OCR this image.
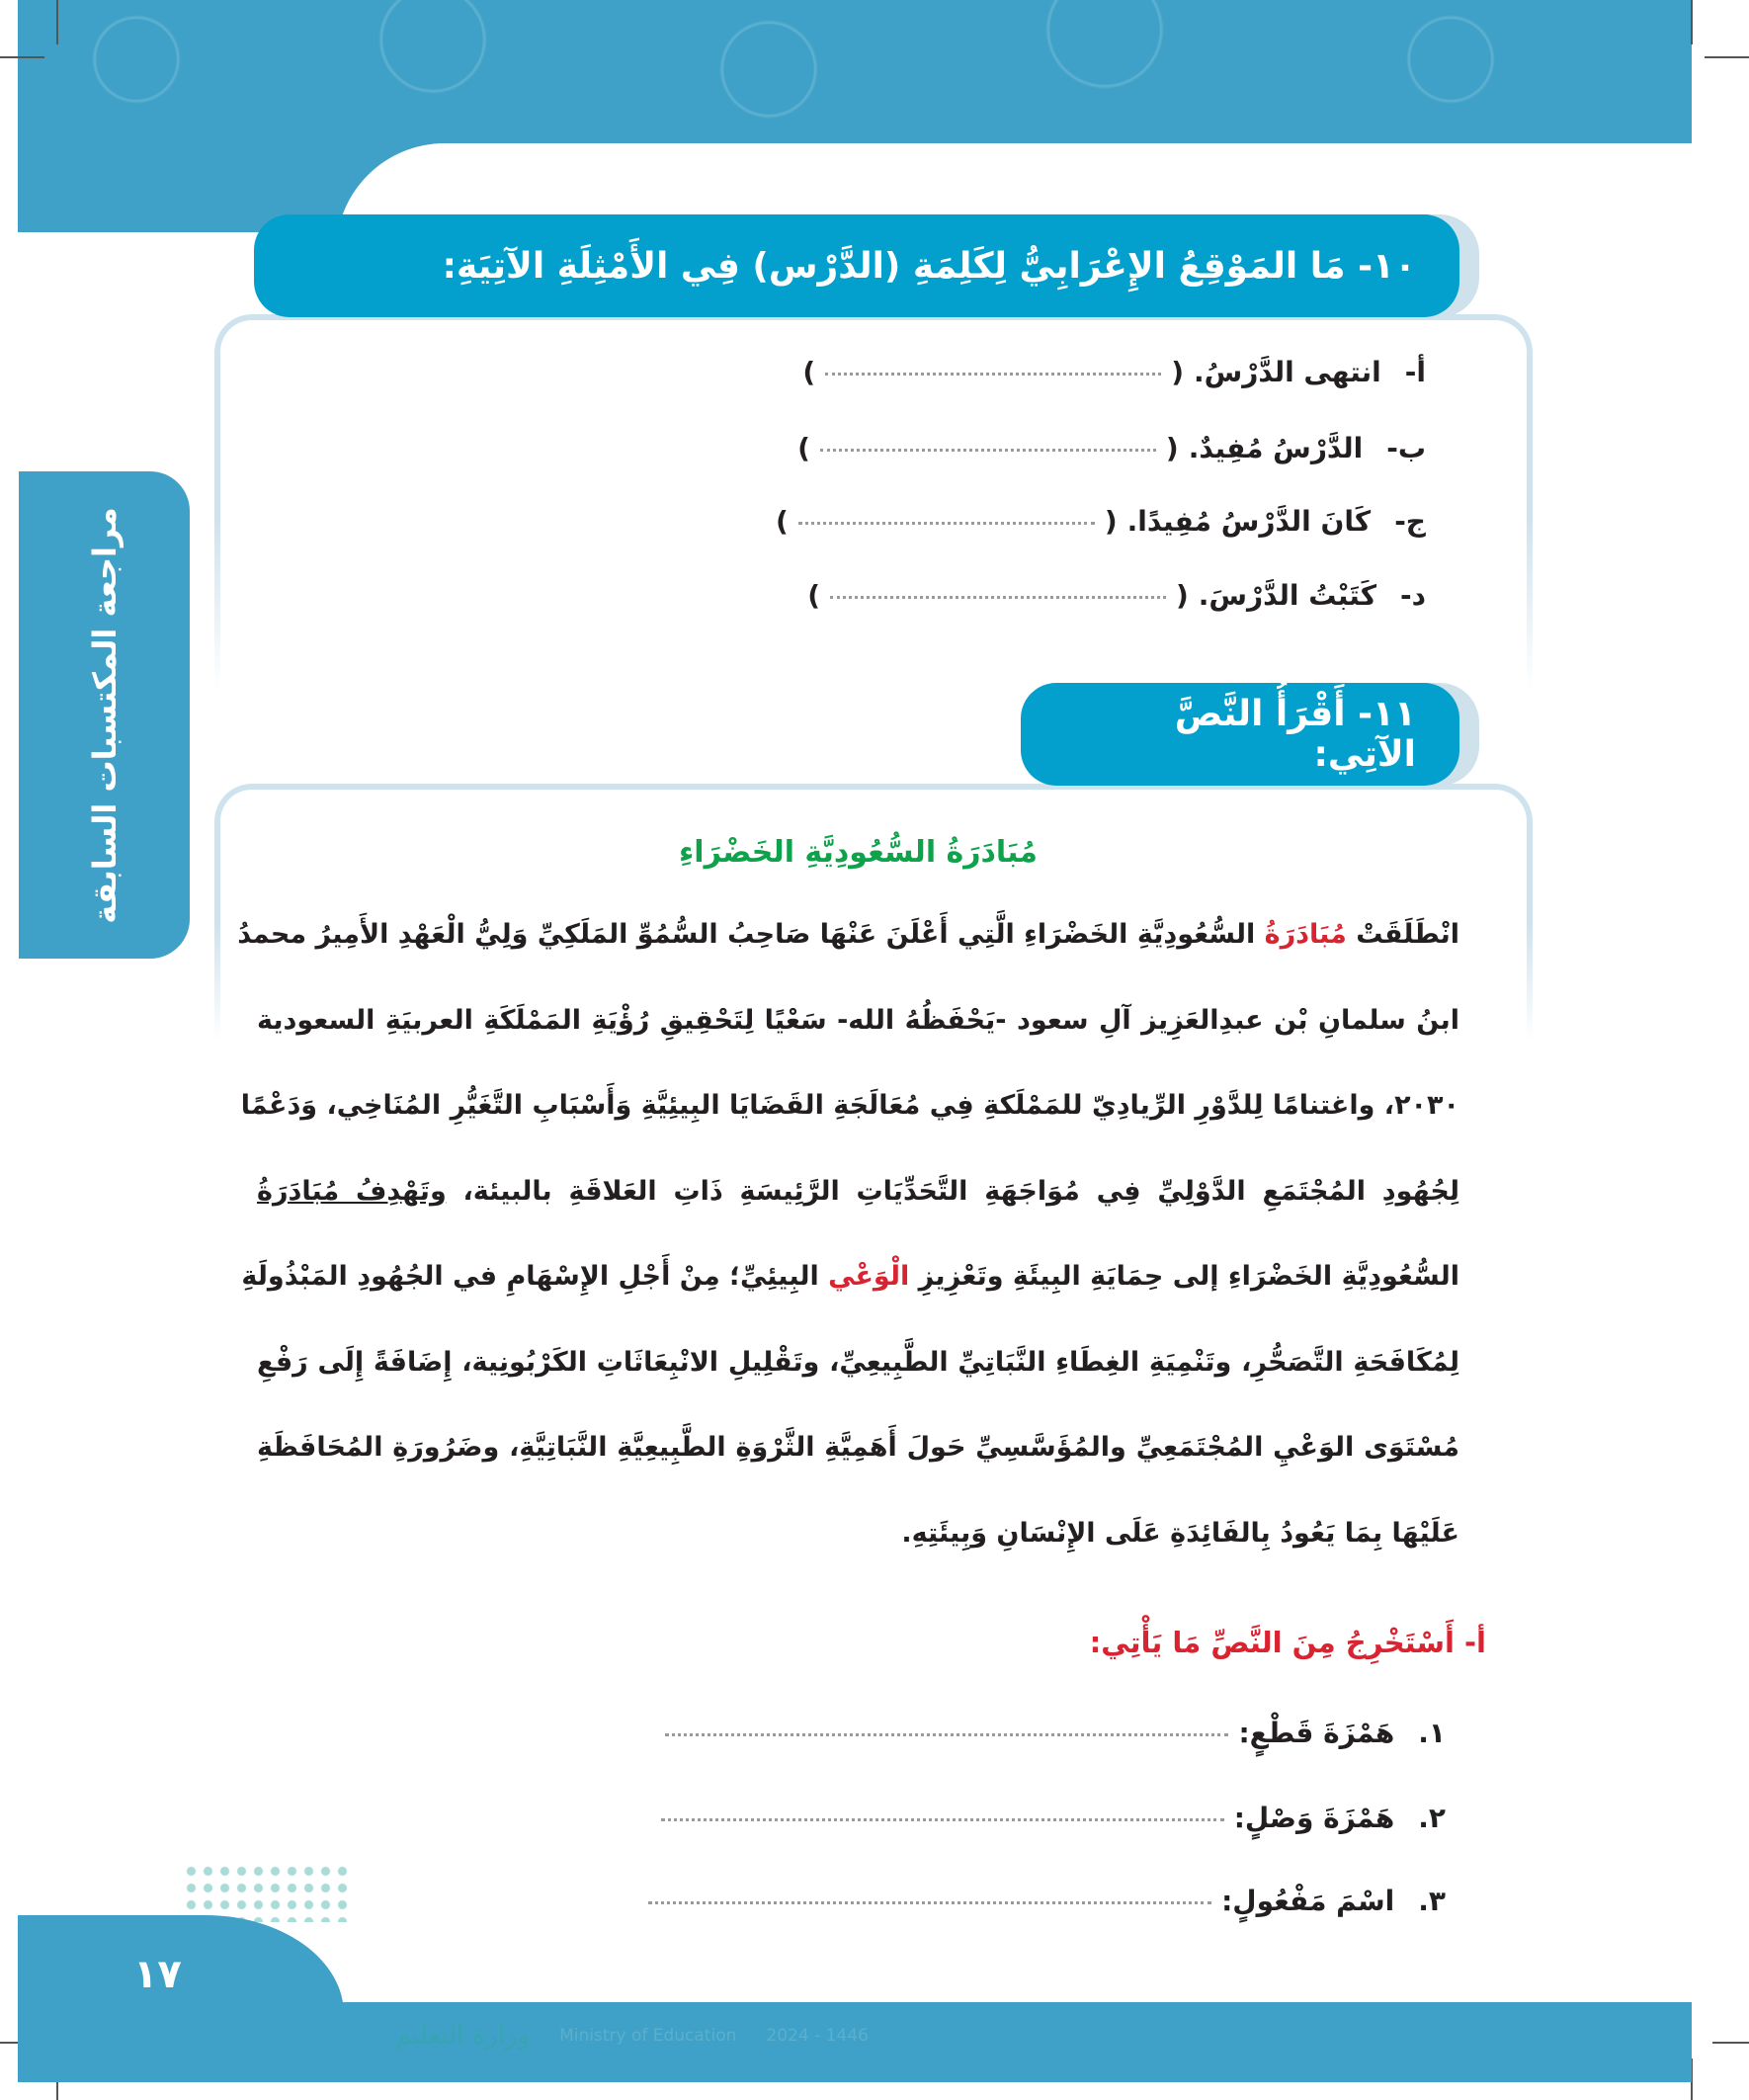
مراجعة المكتسبات السابقة
١٠- مَا المَوْقِعُ الإِعْرَابِيُّ لِكَلِمَةِ (الدَّرْس) فِي الأَمْثِلَةِ الآتِيَةِ:
أ-
انتهى الدَّرْسُ.
(
)
ب-
الدَّرْسُ مُفِيدٌ.
(
)
ج-
كَانَ الدَّرْسُ مُفِيدًا.
(
)
د-
كَتَبْتُ الدَّرْسَ.
(
)
١١- أَقْرَأُ النَّصَّ الآتِي:
مُبَادَرَةُ السُّعُودِيَّةِ الخَضْرَاءِ
انْطَلَقَتْ مُبَادَرَةُ السُّعُودِيَّةِ الخَضْرَاءِ الَّتِي أَعْلَنَ عَنْهَا صَاحِبُ السُّمُوِّ المَلَكِيِّ وَلِيُّ الْعَهْدِ الأَمِيرُ محمدُ
ابنُ سلمانِ بْن عبدِالعَزِيز آلِ سعود -يَحْفَظُهُ الله- سَعْيًا لِتَحْقِيقِ رُؤْيَةِ المَمْلَكَةِ العربيَةِ السعودية
٢٠٣٠، واغتنامًا لِلدَّوْرِ الرِّيادِيّ للمَمْلَكةِ فِي مُعَالَجَةِ القَضَايَا البِيئِيَّةِ وَأَسْبَابِ التَّغَيُّرِ المُنَاخِي، وَدَعْمًا
لِجُهُودِ المُجْتَمَعِ الدَّوْلِيِّ فِي مُوَاجَهَةِ التَّحَدِّيَاتِ الرَّئِيسَةِ ذَاتِ العَلاقَةِ بالبيئة، وتَهْدِفُ مُبَادَرَةُ
السُّعُودِيَّةِ الخَضْرَاءِ إلى حِمَايَةِ البِيئَةِ وتَعْزِيزِ الْوَعْي البِيئِيِّ؛ مِنْ أَجْلِ الإِسْهَامِ في الجُهُودِ المَبْذُولَةِ
لِمُكَافَحَةِ التَّصَحُّرِ، وتَنْمِيَةِ الغِطَاءِ النَّبَاتِيِّ الطَّبِيعِيِّ، وتَقْلِيلِ الانْبِعَاثَاتِ الكَرْبُونِية، إِضَافَةً إِلَى رَفْعِ
مُسْتَوَى الوَعْيِ المُجْتَمَعِيِّ والمُؤَسَّسِيِّ حَولَ أَهَمِيَّةِ الثَّرْوَةِ الطَّبِيعِيَّةِ النَّبَاتِيَّةِ، وضَرُورَةِ المُحَافَظَةِ
عَلَيْهَا بِمَا يَعُودُ بِالفَائِدَةِ عَلَى الإِنْسَانِ وَبِيئَتِهِ.
أ- أَسْتَخْرِجُ مِنَ النَّصِّ مَا يَأْتِي:
١.
هَمْزَةَ قَطْعٍ:
٢.
هَمْزَةَ وَصْلٍ:
٣.
اسْمَ مَفْعُولٍ:
وزارة التعليم Ministry of Education 2024 - 1446
١٧
